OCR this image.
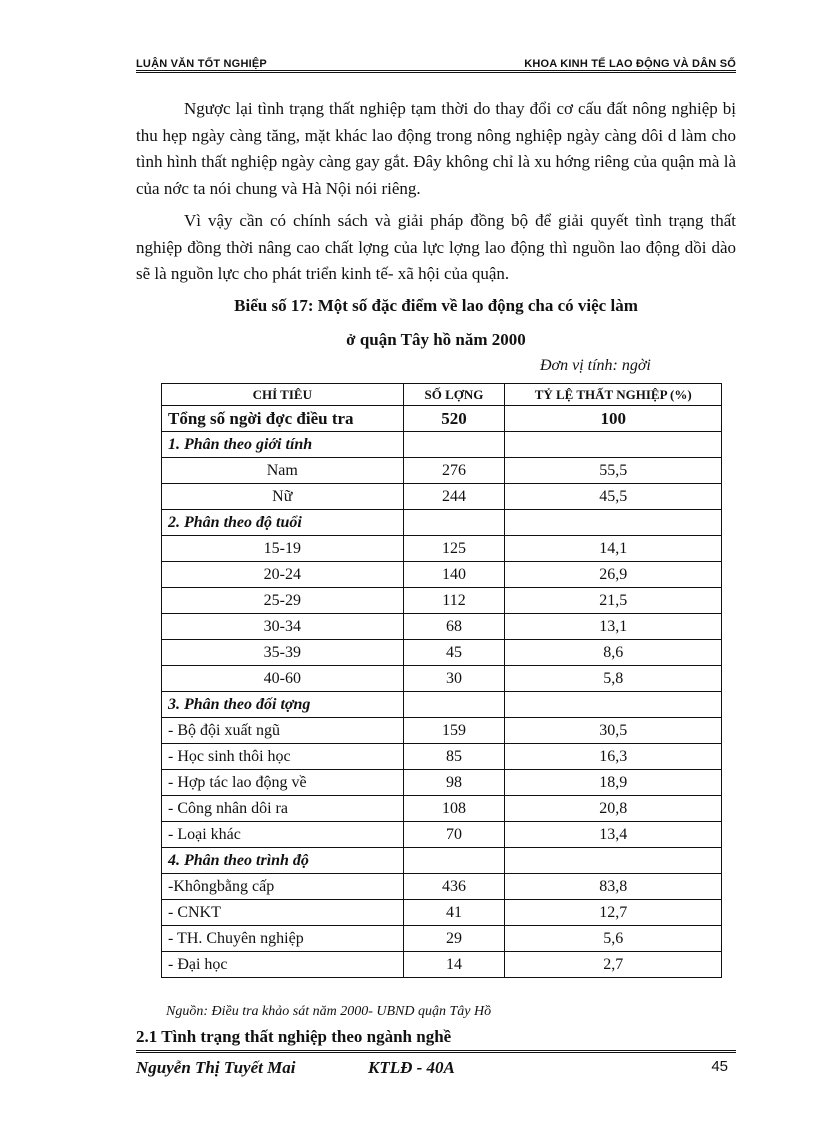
LUẬN VĂN TỐT NGHIỆP	KHOA KINH TẾ LAO ĐỘNG VÀ DÂN SỐ

Ngược lại tình trạng thất nghiệp tạm thời do thay đổi cơ cấu đất nông nghiệp bị thu hẹp ngày càng tăng, mặt khác lao động trong nông nghiệp ngày càng dôi d làm cho tình hình thất nghiệp ngày càng gay gắt. Đây không chỉ là xu hớng riêng của quận mà là của nớc ta nói chung và Hà Nội nói riêng.

Vì vậy cần có chính sách và giải pháp đồng bộ để giải quyết tình trạng thất nghiệp đồng thời nâng cao chất lợng của lực lợng lao động thì nguồn lao động dồi dào sẽ là nguồn lực cho phát triển kinh tế- xã hội của quận.

Biểu số 17: Một số đặc điểm về lao động cha có việc làm

ở quận Tây hồ năm 2000

Đơn vị tính: ngời
CHỈ TIÊU	SỐ LỢNG	TỶ LỆ THẤT NGHIỆP (%)
Tổng số ngời đợc điều tra	520	100
1. Phân theo giới tính		
Nam	276	55,5
Nữ	244	45,5
2. Phân theo độ tuổi		
15-19	125	14,1
20-24	140	26,9
25-29	112	21,5
30-34	68	13,1
35-39	45	8,6
40-60	30	5,8
3. Phân theo đối tợng		
- Bộ đội xuất ngũ	159	30,5
- Học sinh thôi học	85	16,3
- Hợp tác lao động về	98	18,9
- Công nhân dôi ra	108	20,8
- Loại khác	70	13,4
4. Phân theo trình độ		
-Khôngbằng cấp	436	83,8
- CNKT	41	12,7
- TH. Chuyên nghiệp	29	5,6
- Đại học	14	2,7
Nguồn: Điều tra khảo sát năm 2000- UBND quận Tây Hồ

2.1 Tình trạng thất nghiệp theo ngành nghề

Nguyễn Thị Tuyết Mai	KTLĐ - 40A	45
